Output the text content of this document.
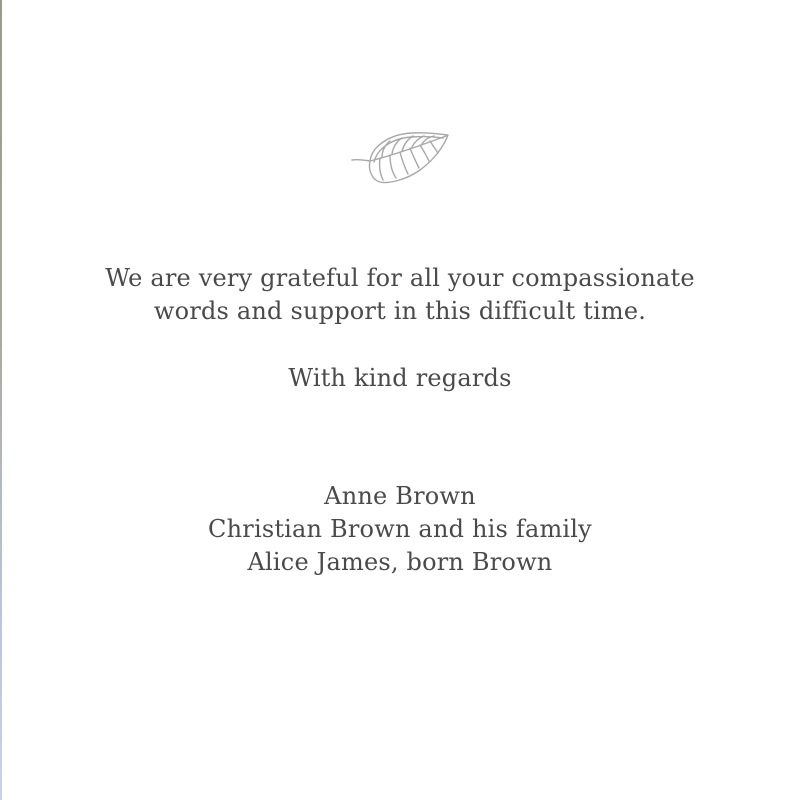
We are very grateful for all your compassionate
words and support in this difficult time.
With kind regards
Anne Brown
Christian Brown and his family
Alice James, born Brown
